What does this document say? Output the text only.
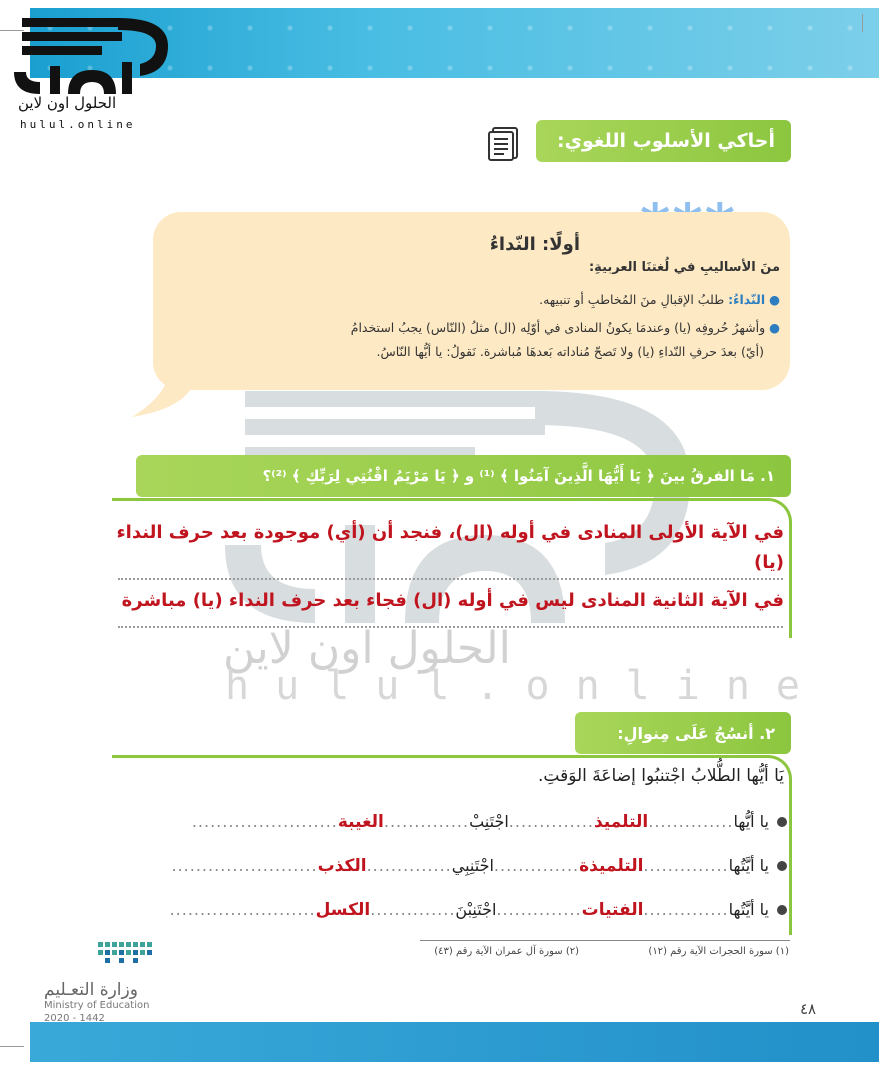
الحلول اون لاين
hulul.online
أحاكي الأسلوب اللغوي:
أولًا: النّداءُ
منَ الأساليبِ في لُغتنَا العربيةِ:
● النّداءُ: طلبُ الإقبالِ منَ المُخاطبِ أو تنبيهه.
● وأشهرُ حُروفِه (يا) وعندمَا يكونُ المنادى في أوّلِه (ال) مثلُ (النّاس) يجبُ استخدامُ
(أيّ) بعدَ حرفِ النّداءِ (يا) ولا تَصحّ مُناداته بَعدهَا مُباشرة. نَقولُ: يا أيُّها النّاسُ.
الحلول اون لاين
hulul.online
١. مَا الفرقُ بينَ ﴿ يَا أَيُّهَا الَّذِينَ آمَنُوا ﴾ ⁽¹⁾ و ﴿ يَا مَرْيَمُ اقْنُتِي لِرَبِّكِ ﴾ ⁽²⁾؟
في الآية الأولى المنادى في أوله (ال)، فنجد أن (أي) موجودة بعد حرف النداء
(يا)
في الآية الثانية المنادى ليس في أوله (ال) فجاء بعد حرف النداء (يا) مباشرة
٢. أنسُجُ عَلَى مِنوالِ:
يَا أيُّها الطُّلابُ اجْتنبُوا إضاعَةَ الوَقتِ.
يا أيُّها
..............
التلميذ
..............
اجْتَنِبْ
..............
الغيبة
........................
يا أيَّتُها
..............
التلميذة
..............
اجْتَنِبِي
..............
الكذب
........................
يا أيَّتُها
..............
الفتيات
..............
اجْتَنِبْنَ
..............
الكسل
........................
(١) سورة الحجرات الآية رقم (١٢)
(٢) سورة آل عمران الآية رقم (٤٣)
وزارة التعـليم
Ministry of Education
2020 - 1442
٤٨
